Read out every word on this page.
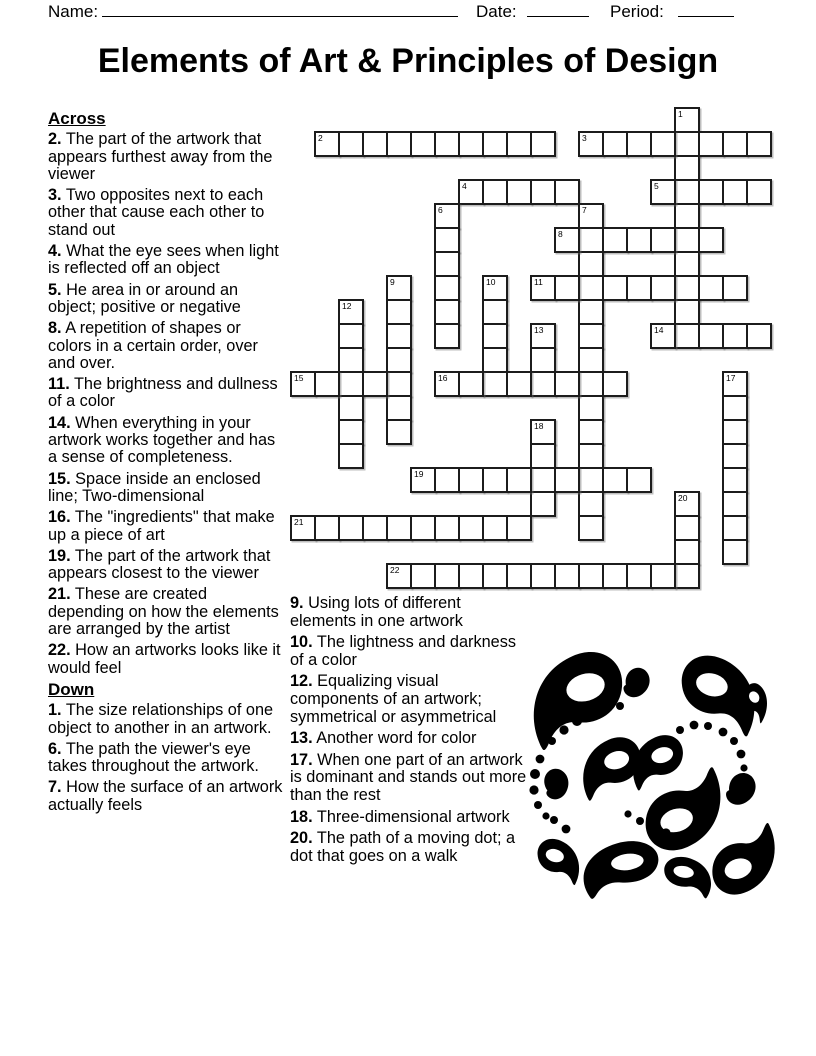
Name:	Date:	Period:
Elements of Art & Principles of Design
1
2	3
4	5
6	7
8
9	10	11
12
13	14
15	16	17
18
19
20
21
22

Across

2. The part of the artwork that appears furthest away from the viewer

3. Two opposites next to each other that cause each other to stand out

4. What the eye sees when light is reflected off an object

5. He area in or around an object; positive or negative

8. A repetition of shapes or colors in a certain order, over and over.

11. The brightness and dullness of a color

14. When everything in your artwork works together and has a sense of completeness.

15. Space inside an enclosed line; Two-dimensional

16. The "ingredients" that make up a piece of art

19. The part of the artwork that appears closest to the viewer

21. These are created depending on how the elements are arranged by the artist

22. How an artworks looks like it would feel

Down

1. The size relationships of one object to another in an artwork.

6. The path the viewer's eye takes throughout the artwork.

7. How the surface of an artwork actually feels

9. Using lots of different elements in one artwork

10. The lightness and darkness of a color

12. Equalizing visual components of an artwork; symmetrical or asymmetrical

13. Another word for color

17. When one part of an artwork is dominant and stands out more than the rest

18. Three-dimensional artwork

20. The path of a moving dot; a dot that goes on a walk
